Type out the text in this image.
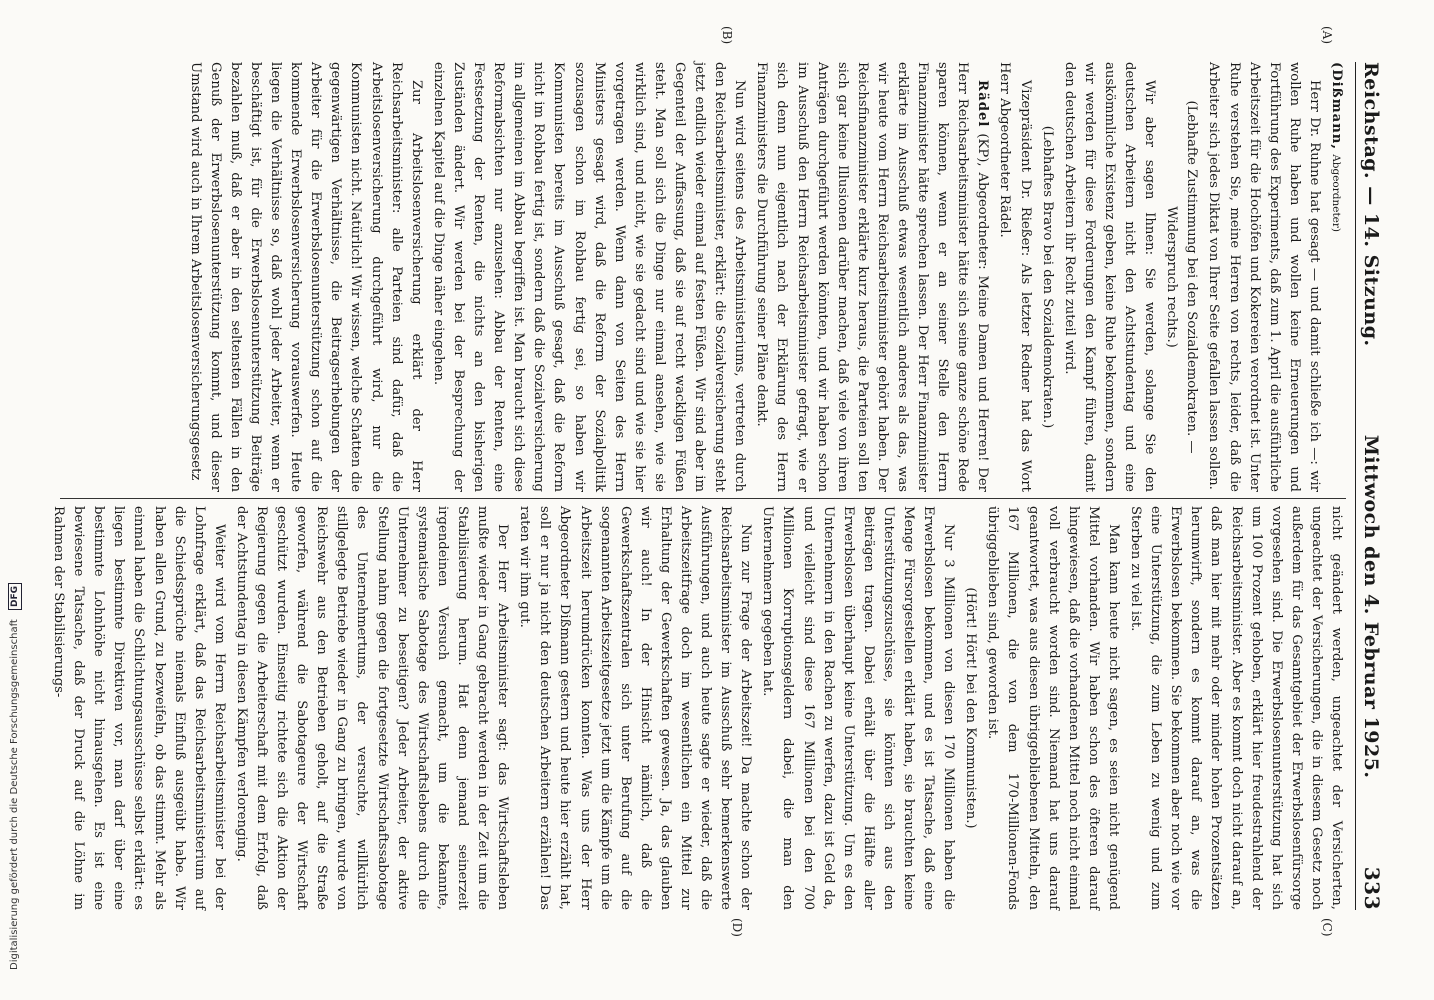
Digitalisierung gefördert durch die Deutsche Forschungsgemeinschaft DFG
Reichstag. — 14. Sitzung.
Mittwoch den 4. Februar 1925.
333
(A)
(B)
(C)
(D)

(Dißmann, Abgeordneter)

Herr Dr. Ruhne hat gesagt — und damit schließe ich —: wir wollen Ruhe haben und wollen keine Erneuerungen und Fortführung des Experiments, daß zum 1. April die ausführliche Arbeitszeit für die Hochöfen und Kokereien verordnet ist. Unter Ruhe verstehen Sie, meine Herren von rechts, leider, daß die Arbeiter sich jedes Diktat von Ihrer Seite gefallen lassen sollen.

(Lebhafte Zustimmung bei den Sozialdemokraten. — Widerspruch rechts.)

Wir aber sagen Ihnen: Sie werden, solange Sie den deutschen Arbeitern nicht den Achtstundentag und eine auskömmliche Existenz geben, keine Ruhe bekommen, sondern wir werden für diese Forderungen den Kampf führen, damit den deutschen Arbeitern ihr Recht zuteil wird.

(Lebhaftes Bravo bei den Sozialdemokraten.)

Vizepräsident Dr. Rießer: Als letzter Redner hat das Wort Herr Abgeordneter Rädel.

Rädel (KP), Abgeordneter: Meine Damen und Herren! Der Herr Reichsarbeitsminister hätte sich seine ganze schöne Rede sparen können, wenn er an seiner Stelle den Herrn Finanzminister hätte sprechen lassen. Der Herr Finanzminister erklärte im Ausschuß etwas wesentlich anderes als das, was wir heute vom Herrn Reichsarbeitsminister gehört haben. Der Reichsfinanzminister erklärte kurz heraus, die Parteien soll ten sich gar keine Illusionen darüber machen, daß viele von ihren Anträgen durchgeführt werden könnten, und wir haben schon im Ausschuß den Herrn Reichsarbeitsminister gefragt, wie er sich denn nun eigentlich nach der Erklärung des Herrn Finanzministers die Durchführung seiner Pläne denkt.

Nun wird seitens des Arbeitsministeriums, vertreten durch den Reichsarbeitsminister, erklärt: die Sozialversicherung steht jetzt endlich wieder einmal auf festen Füßen. Wir sind aber im Gegenteil der Auffassung, daß sie auf recht wackligen Füßen steht. Man soll sich die Dinge nur einmal ansehen, wie sie wirklich sind, und nicht, wie sie gedacht sind und wie sie hier vorgetragen werden. Wenn dann von Seiten des Herrn Ministers gesagt wird, daß die Reform der Sozialpolitik sozusagen schon im Rohbau fertig sei, so haben wir Kommunisten bereits im Ausschuß gesagt, daß die Reform nicht im Rohbau fertig ist, sondern daß die Sozialversicherung im allgemeinen im Abbau begriffen ist. Man braucht sich diese Reformabsichten nur anzusehen: Abbau der Renten, eine Festsetzung der Renten, die nichts an den bisherigen Zuständen ändert. Wir werden bei der Besprechung der einzelnen Kapitel auf die Dinge näher eingehen.

Zur Arbeitslosenversicherung erklärt der Herr Reichsarbeitsminister: alle Parteien sind dafür, daß die Arbeitslosenversicherung durchgeführt wird, nur die Kommunisten nicht. Natürlich! Wir wissen, welche Schatten die gegenwärtigen Verhältnisse, die Beitragserhebungen der Arbeiter für die Erwerbslosenunterstützung schon auf die kommende Erwerbslosenversicherung vorauswerfen. Heute liegen die Verhältnisse so, daß wohl jeder Arbeiter, wenn er beschäftigt ist, für die Erwerbslosenunterstützung Beiträge bezahlen muß, daß er aber in den seltensten Fällen in den Genuß der Erwerbslosenunterstützung kommt, und dieser Umstand wird auch in Ihrem Arbeitslosenversicherungsgesetz

nicht geändert werden, ungeachtet der Versicherten, ungeachtet der Versicherungen, die in diesem Gesetz noch außerdem für das Gesamtgebiet der Erwerbslosenfürsorge vorgesehen sind. Die Erwerbslosenunterstützung hat sich um 100 Prozent gehoben, erklärt hier freudestrahlend der Reichsarbeitsminister. Aber es kommt doch nicht darauf an, daß man hier mit mehr oder minder hohen Prozentsätzen herumwirft, sondern es kommt darauf an, was die Erwerbslosen bekommen. Sie bekommen aber noch wie vor eine Unterstützung, die zum Leben zu wenig und zum Sterben zu viel ist.

Man kann heute nicht sagen, es seien nicht genügend Mittel vorhanden. Wir haben schon des öfteren darauf hingewiesen, daß die vorhandenen Mittel noch nicht einmal voll verbraucht worden sind. Niemand hat uns darauf geantwortet, was aus diesen übriggebliebenen Mitteln, den 167 Millionen, die von dem 170-Millionen-Fonds übriggeblieben sind, geworden ist.

(Hört! Hört! bei den Kommunisten.)

Nur 3 Millionen von diesen 170 Millionen haben die Erwerbslosen bekommen, und es ist Tatsache, daß eine Menge Fürsorgestellen erklärt haben, sie brauchten keine Unterstützungszuschüsse, sie könnten sich aus den Beiträgen tragen. Dabei erhält über die Hälfte aller Erwerbslosen überhaupt keine Unterstützung. Um es den Unternehmern in den Rachen zu werfen, dazu ist Geld da, und vielleicht sind diese 167 Millionen bei den 700 Millionen Korruptionsgeldern dabei, die man den Unternehmern gegeben hat.

Nun zur Frage der Arbeitszeit! Da machte schon der Reichsarbeitsminister im Ausschuß sehr bemerkenswerte Ausführungen, und auch heute sagte er wieder, daß die Arbeitszeitfrage doch im wesentlichen ein Mittel zur Erhaltung der Gewerkschaften gewesen. Ja, das glauben wir auch! In der Hinsicht nämlich, daß die Gewerkschaftszentralen sich unter Berufung auf die sogenannten Arbeitszeitgesetze jetzt um die Kämpfe um die Arbeitszeit herumdrücken konnten. Was uns der Herr Abgeordneter Dißmann gestern und heute hier erzählt hat, soll er nur ja nicht den deutschen Arbeitern erzählen! Das raten wir ihm gut.

Der Herr Arbeitsminister sagt: das Wirtschaftsleben mußte wieder in Gang gebracht werden in der Zeit um die Stabilisierung herum. Hat denn jemand seinerzeit irgendeinen Versuch gemacht, um die bekannte, systematische Sabotage des Wirtschaftslebens durch die Unternehmer zu beseitigen? Jeder Arbeiter, der aktive Stellung nahm gegen die fortgesetzte Wirtschaftssabotage des Unternehmertums, der versuchte, willkürlich stillgelegte Betriebe wieder in Gang zu bringen, wurde von Reichswehr aus den Betrieben geholt, auf die Straße geworfen, während die Sabotageure der Wirtschaft geschützt wurden. Einseitig richtete sich die Aktion der Regierung gegen die Arbeiterschaft mit dem Erfolg, daß der Achtstundentag in diesen Kämpfen verlorenging.

Weiter wird vom Herrn Reichsarbeitsminister bei der Lohnfrage erklärt, daß das Reichsarbeitsministerium auf die Schiedssprüche niemals Einfluß ausgeübt habe. Wir haben allen Grund, zu bezweifeln, ob das stimmt. Mehr als einmal haben die Schlichtungsausschüsse selbst erklärt: es liegen bestimmte Direktiven vor, man darf über eine bestimmte Lohnhöhe nicht hinausgehen. Es ist eine bewiesene Tatsache, daß der Druck auf die Löhne im Rahmen der Stabilisierungs-
